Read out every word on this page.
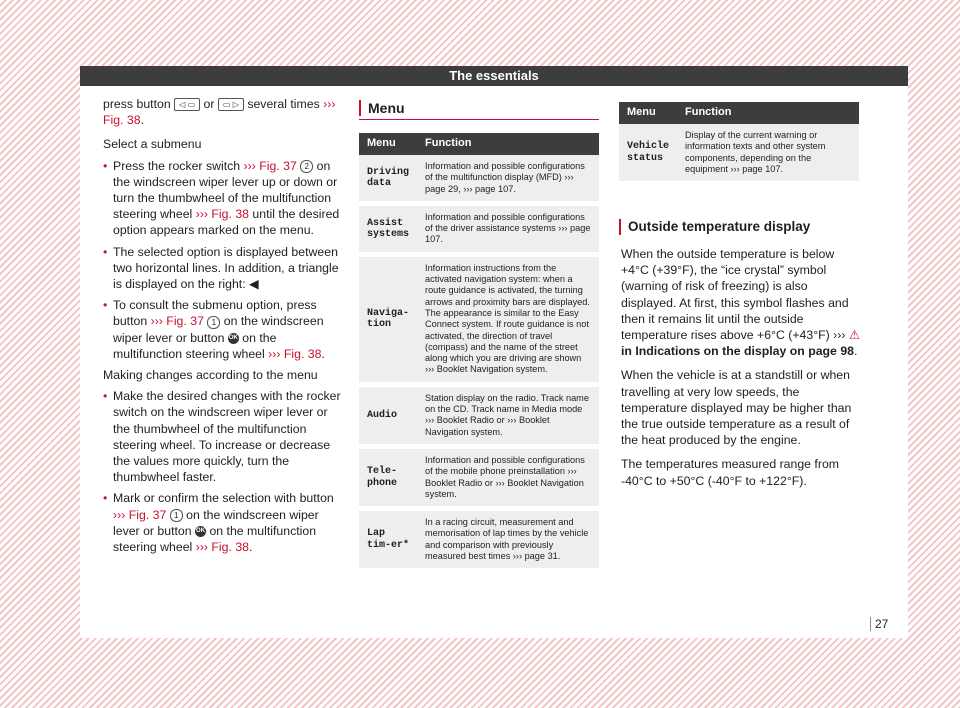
The essentials

press button ◁ ▭ or ▭ ▷ several times ››› Fig. 38.

Select a submenu
• Press the rocker switch ››› Fig. 37 2 on the windscreen wiper lever up or down or turn the thumbwheel of the multifunction steering wheel ››› Fig. 38 until the desired option appears marked on the menu.
• The selected option is displayed between two horizontal lines. In addition, a triangle is displayed on the right: ◀
• To consult the submenu option, press button ››› Fig. 37 1 on the windscreen wiper lever or button OK on the multifunction steering wheel ››› Fig. 38.
Making changes according to the menu
• Make the desired changes with the rocker switch on the windscreen wiper lever or the thumbwheel of the multifunction steering wheel. To increase or decrease the values more quickly, turn the thumbwheel faster.
• Mark or confirm the selection with button ››› Fig. 37 1 on the windscreen wiper lever or button OK on the multifunction steering wheel ››› Fig. 38.
Menu
Menu	Function
Driving data	Information and possible configurations of the multifunction display (MFD) ››› page 29, ››› page 107.
Assist systems	Information and possible configurations of the driver assistance systems ››› page 107.
Naviga-tion	Information instructions from the activated navigation system: when a route guidance is activated, the turning arrows and proximity bars are displayed. The appearance is similar to the Easy Connect system. If route guidance is not activated, the direction of travel (compass) and the name of the street along which you are driving are shown ››› Booklet Navigation system.
Audio	Station display on the radio. Track name on the CD. Track name in Media mode ››› Booklet Radio or ››› Booklet Navigation system.
Tele-phone	Information and possible configurations of the mobile phone preinstallation ››› Booklet Radio or ››› Booklet Navigation system.
Lap tim-er*	In a racing circuit, measurement and memorisation of lap times by the vehicle and comparison with previously measured best times ››› page 31.
Menu	Function
Vehicle status	Display of the current warning or information texts and other system components, depending on the equipment ››› page 107.
Outside temperature display

When the outside temperature is below +4°C (+39°F), the “ice crystal” symbol (warning of risk of freezing) is also displayed. At first, this symbol flashes and then it remains lit until the outside temperature rises above +6°C (+43°F) ››› ⚠ in Indications on the display on page 98.

When the vehicle is at a standstill or when travelling at very low speeds, the temperature displayed may be higher than the true outside temperature as a result of the heat produced by the engine.

The temperatures measured range from -40°C to +50°C (-40°F to +122°F).

27
